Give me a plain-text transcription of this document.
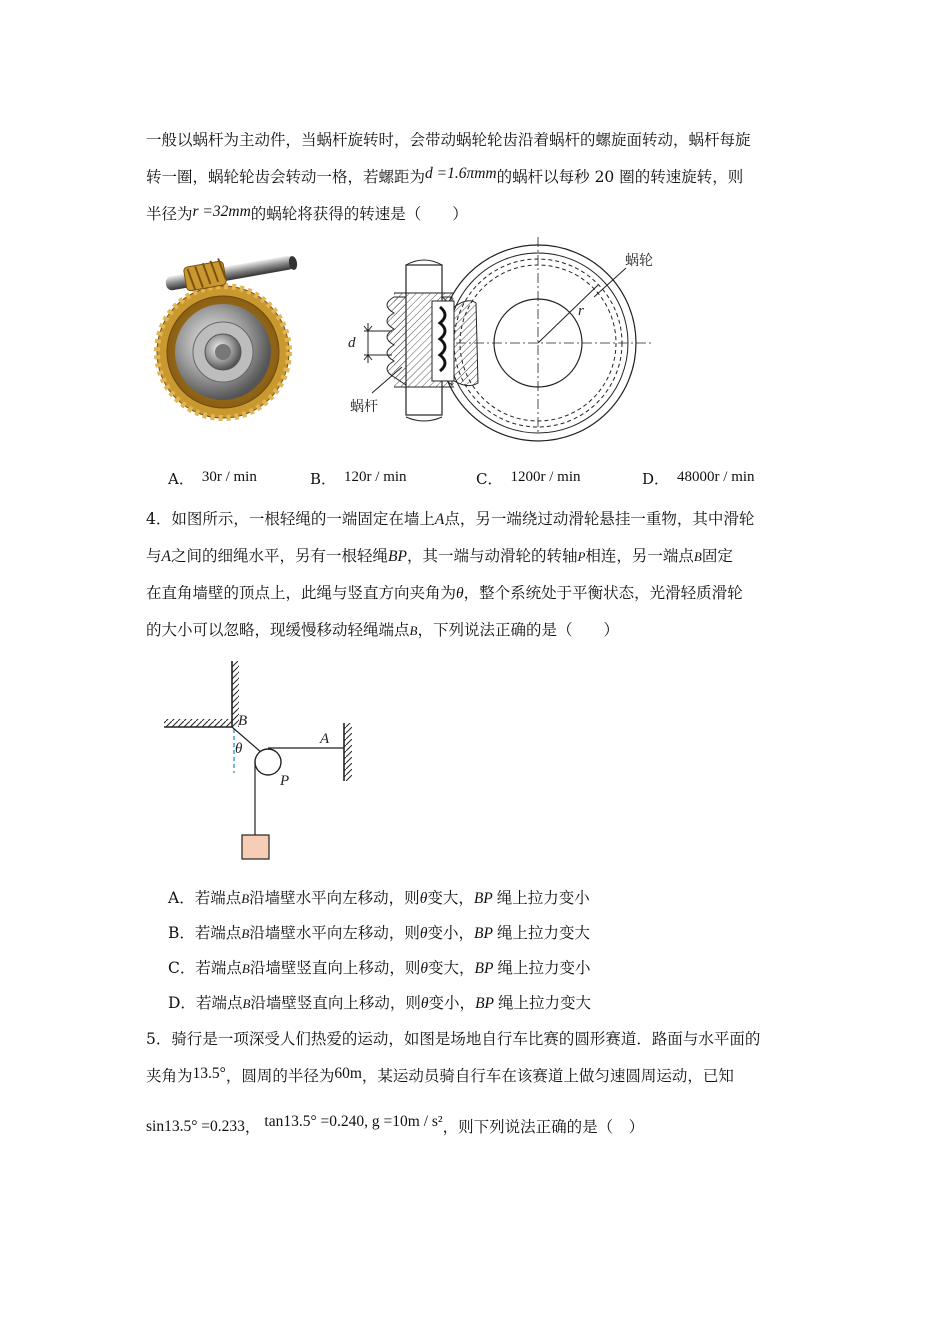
一般以蜗杆为主动件，当蜗杆旋转时，会带动蜗轮轮齿沿着蜗杆的螺旋面转动，蜗杆每旋
转一圈，蜗轮轮齿会转动一格，若螺距为d =1.6πmm的蜗杆以每秒 20 圈的转速旋转，则
半径为r =32mm的蜗轮将获得的转速是（　　）
d
r
蜗轮
蜗杆
A． 30r / min	B． 120r / min	C． 1200r / min	D． 48000r / min
4．如图所示，一根轻绳的一端固定在墙上A点，另一端绕过动滑轮悬挂一重物，其中滑轮
与A之间的细绳水平，另有一根轻绳BP，其一端与动滑轮的转轴P相连，另一端点B固定
在直角墙壁的顶点上，此绳与竖直方向夹角为θ，整个系统处于平衡状态，光滑轻质滑轮
的大小可以忽略，现缓慢移动轻绳端点B，下列说法正确的是（　　）
B
θ
A
P
A．若端点B沿墙壁水平向左移动，则θ变大，BP 绳上拉力变小
B．若端点B沿墙壁水平向左移动，则θ变小，BP 绳上拉力变大
C．若端点B沿墙壁竖直向上移动，则θ变大，BP 绳上拉力变小
D．若端点B沿墙壁竖直向上移动，则θ变小，BP 绳上拉力变大
5．骑行是一项深受人们热爱的运动，如图是场地自行车比赛的圆形赛道．路面与水平面的
夹角为13.5°，圆周的半径为60m，某运动员骑自行车在该赛道上做匀速圆周运动，已知
sin13.5° =0.233， tan13.5° =0.240, g =10m / s²，则下列说法正确的是（　）
